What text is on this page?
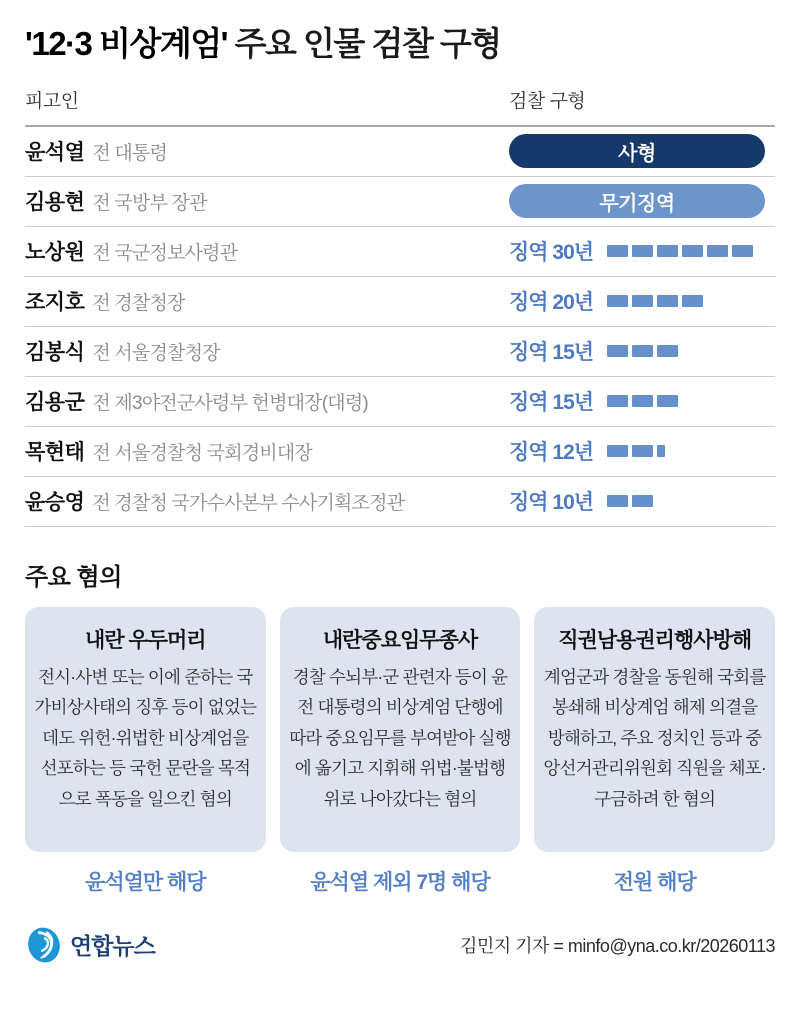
'12·3 비상계엄' 주요 인물 검찰 구형
피고인	검찰 구형
윤석열 전 대통령	사형
김용현 전 국방부 장관	무기징역
노상원 전 국군정보사령관	징역 30년
조지호 전 경찰청장	징역 20년
김봉식 전 서울경찰청장	징역 15년
김용군 전 제3야전군사령부 헌병대장(대령)	징역 15년
목현태 전 서울경찰청 국회경비대장	징역 12년
윤승영 전 경찰청 국가수사본부 수사기획조정관	징역 10년
주요 혐의
내란 우두머리
전시·사변 또는 이에 준하는 국가비상사태의 징후 등이 없었는데도 위헌·위법한 비상계엄을 선포하는 등 국헌 문란을 목적으로 폭동을 일으킨 혐의
윤석열만 해당
내란중요임무종사
경찰 수뇌부·군 관련자 등이 윤 전 대통령의 비상계엄 단행에 따라 중요임무를 부여받아 실행에 옮기고 지휘해 위법·불법행위로 나아갔다는 혐의
윤석열 제외 7명 해당
직권남용권리행사방해
계엄군과 경찰을 동원해 국회를 봉쇄해 비상계엄 해제 의결을 방해하고, 주요 정치인 등과 중앙선거관리위원회 직원을 체포·구금하려 한 혐의
전원 해당
연합뉴스	김민지 기자 = minfo@yna.co.kr/20260113
